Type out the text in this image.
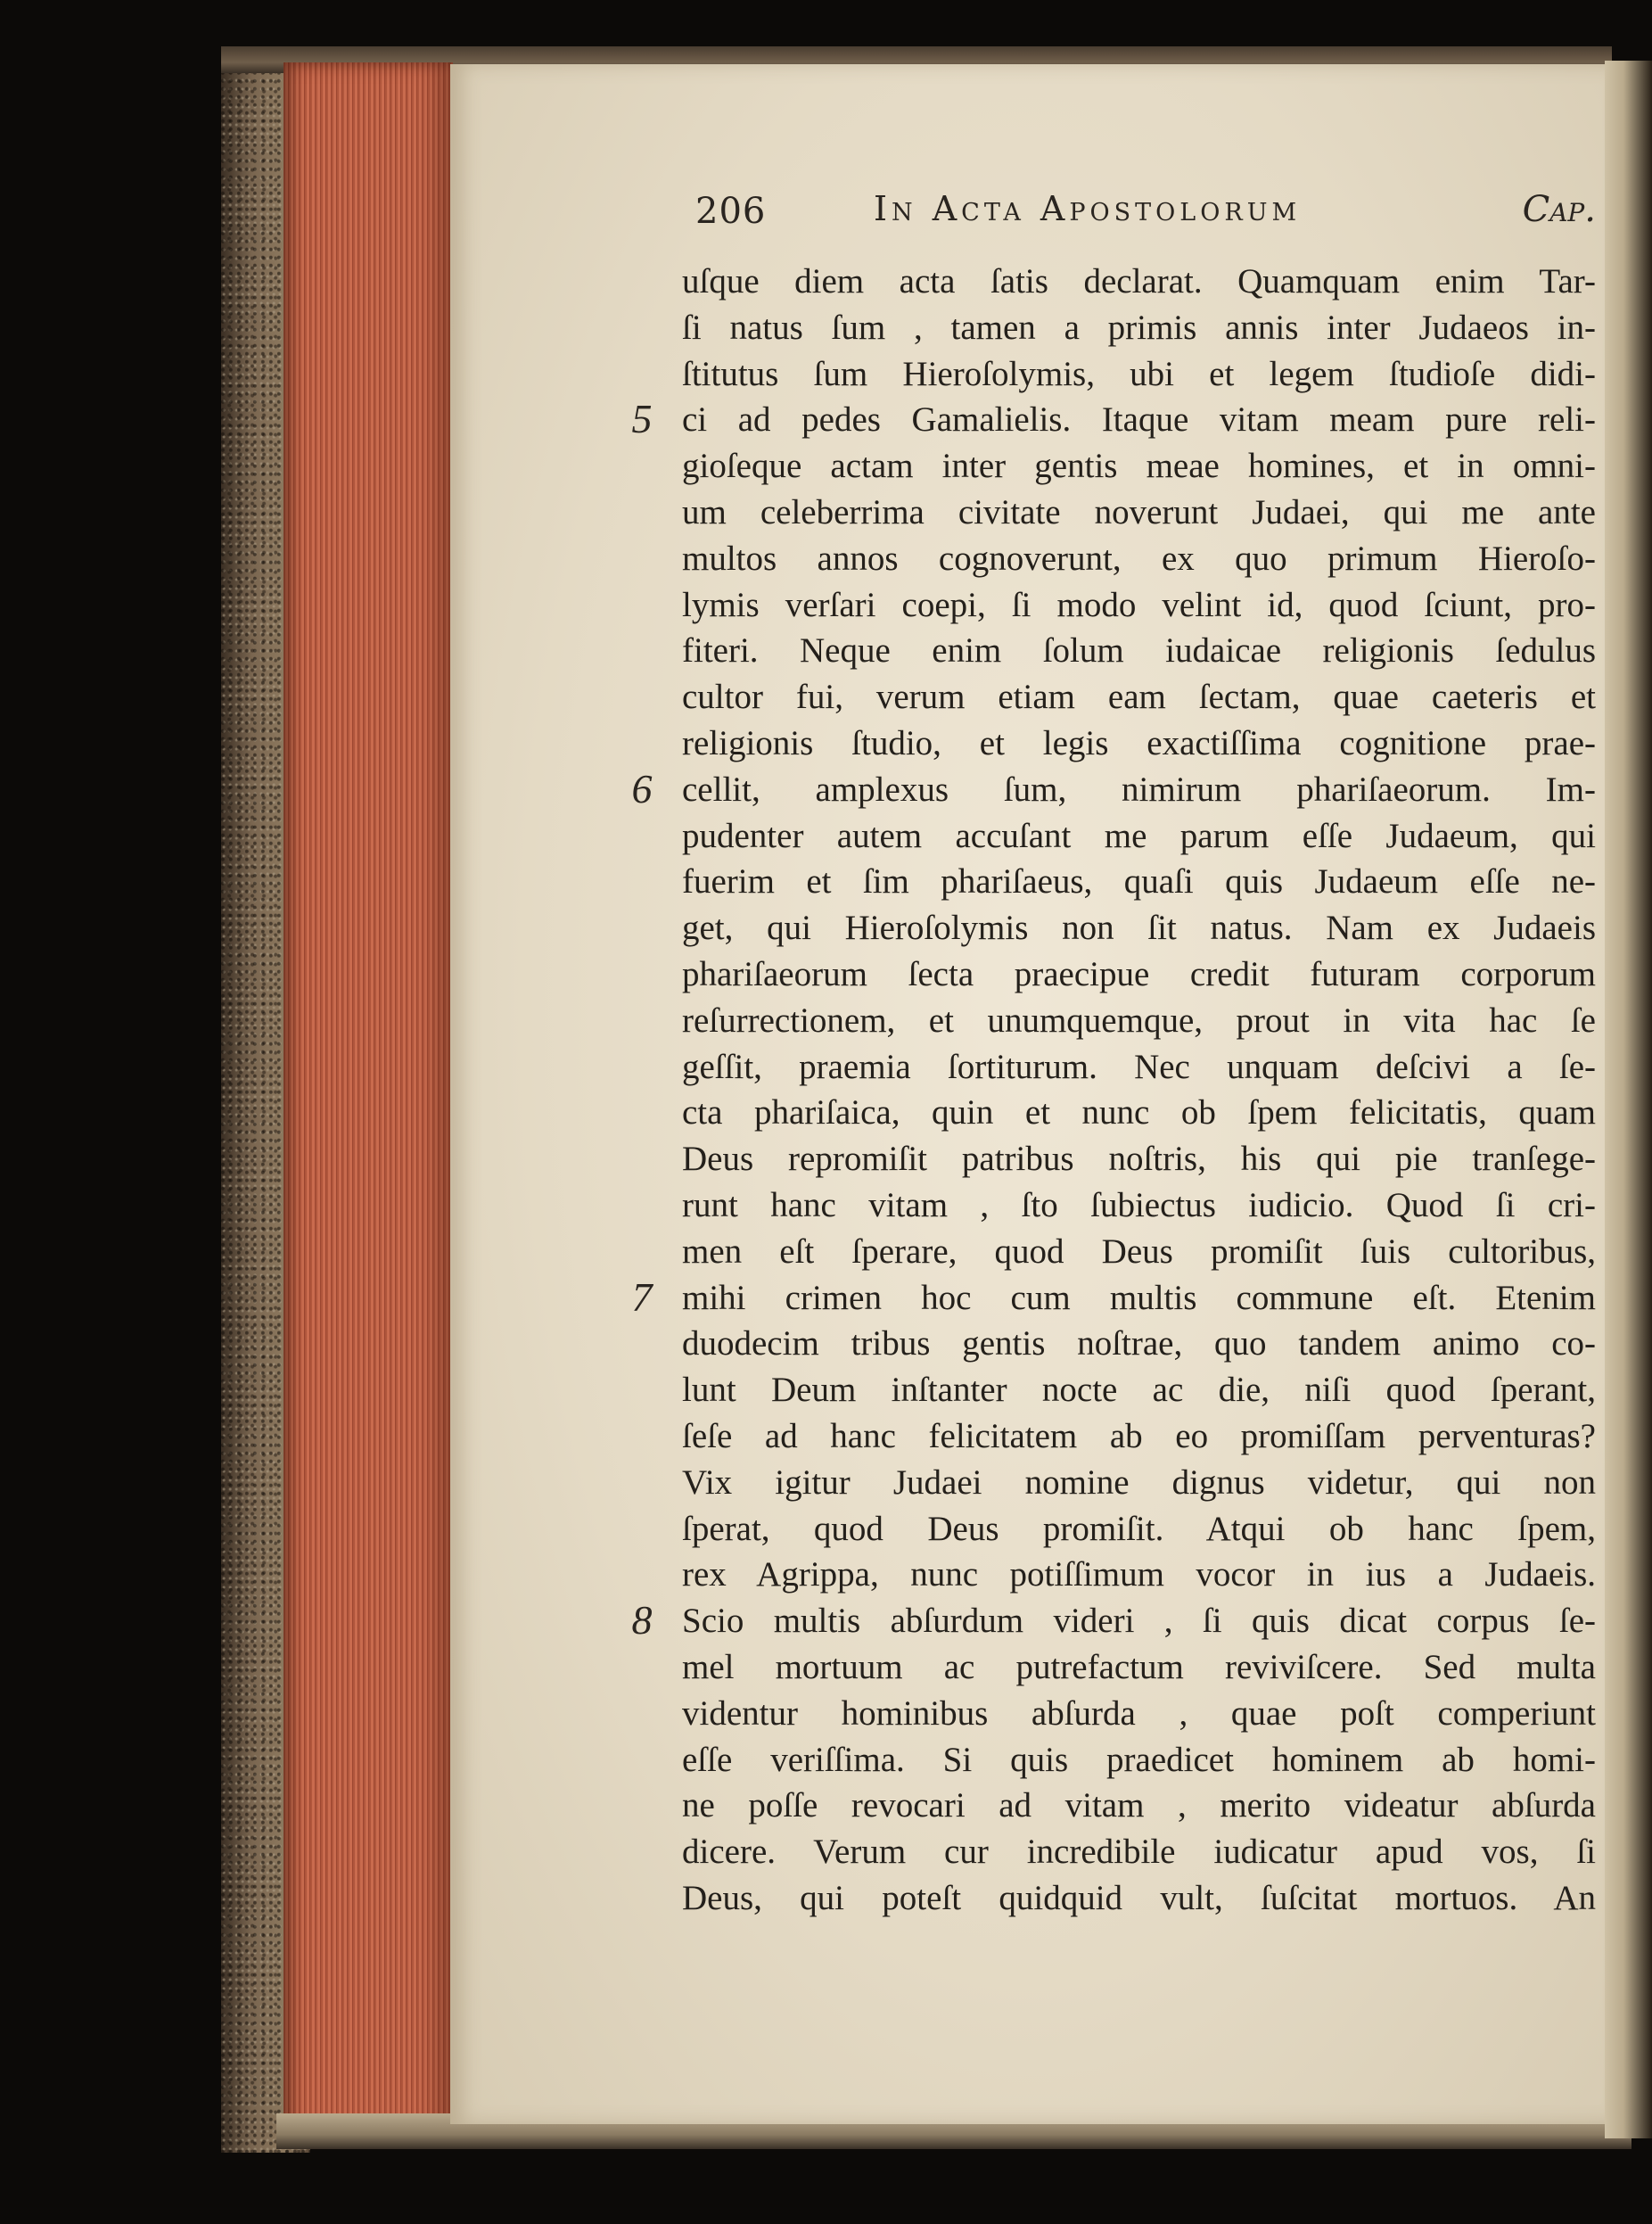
206	In Acta Apostolorum	Cap.
uſque diem acta ſatis declarat. Quamquam enim Tar-
ſi natus ſum , tamen a primis annis inter Judaeos in-
ſtitutus ſum Hieroſolymis, ubi et legem ſtudioſe didi-
ci ad pedes Gamalielis. Itaque vitam meam pure reli-
gioſeque actam inter gentis meae homines, et in omni-
um celeberrima civitate noverunt Judaei, qui me ante
multos annos cognoverunt, ex quo primum Hieroſo-
lymis verſari coepi, ſi modo velint id, quod ſciunt, pro-
fiteri. Neque enim ſolum iudaicae religionis ſedulus
cultor fui, verum etiam eam ſectam, quae caeteris et
religionis ſtudio, et legis exactiſſima cognitione prae-
cellit, amplexus ſum, nimirum phariſaeorum. Im-
pudenter autem accuſant me parum eſſe Judaeum, qui
fuerim et ſim phariſaeus, quaſi quis Judaeum eſſe ne-
get, qui Hieroſolymis non ſit natus. Nam ex Judaeis
phariſaeorum ſecta praecipue credit futuram corporum
reſurrectionem, et unumquemque, prout in vita hac ſe
geſſit, praemia ſortiturum. Nec unquam deſcivi a ſe-
cta phariſaica, quin et nunc ob ſpem felicitatis, quam
Deus repromiſit patribus noſtris, his qui pie tranſege-
runt hanc vitam , ſto ſubiectus iudicio. Quod ſi cri-
men eſt ſperare, quod Deus promiſit ſuis cultoribus,
mihi crimen hoc cum multis commune eſt. Etenim
duodecim tribus gentis noſtrae, quo tandem animo co-
lunt Deum inſtanter nocte ac die, niſi quod ſperant,
ſeſe ad hanc felicitatem ab eo promiſſam perventuras?
Vix igitur Judaei nomine dignus videtur, qui non
ſperat, quod Deus promiſit. Atqui ob hanc ſpem,
rex Agrippa, nunc potiſſimum vocor in ius a Judaeis.
Scio multis abſurdum videri , ſi quis dicat corpus ſe-
mel mortuum ac putrefactum reviviſcere. Sed multa
videntur hominibus abſurda , quae poſt comperiunt
eſſe veriſſima. Si quis praedicet hominem ab homi-
ne poſſe revocari ad vitam , merito videatur abſurda
dicere. Verum cur incredibile iudicatur apud vos, ſi
Deus, qui poteſt quidquid vult, ſuſcitat mortuos. An
5
6
7
8
